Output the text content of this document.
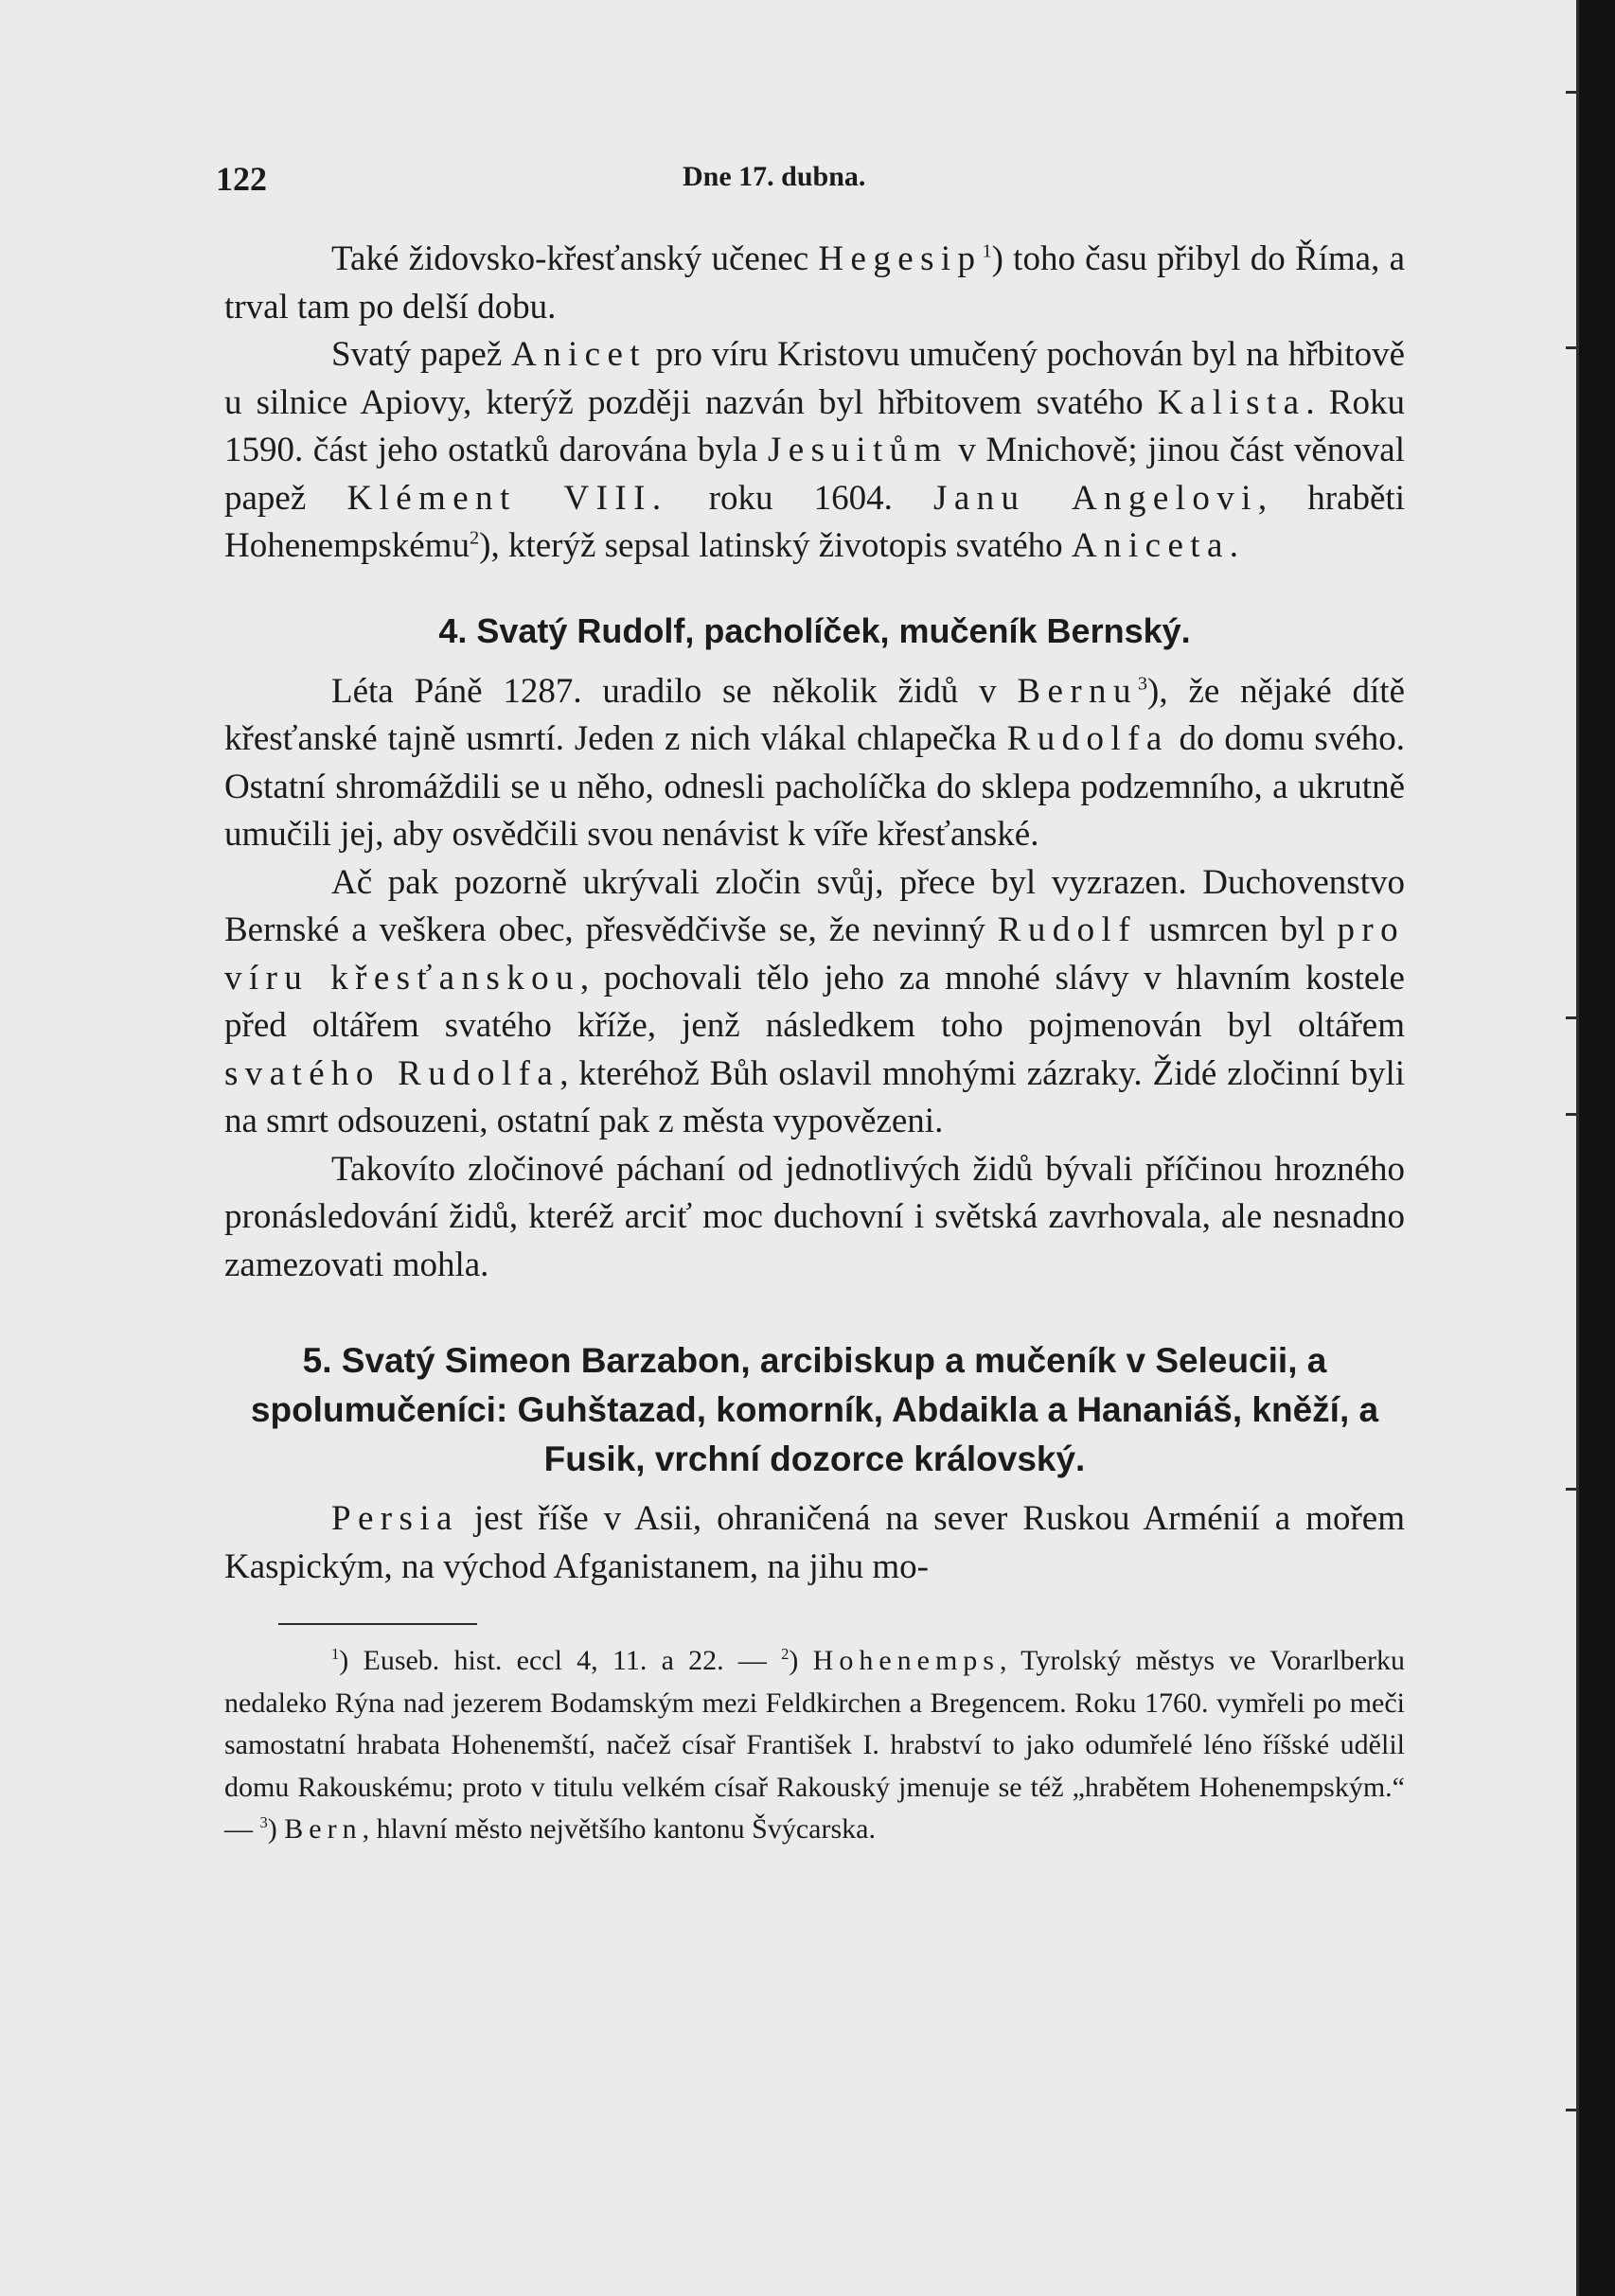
122	Dne 17. dubna.

Také židovsko-křesťanský učenec Hegesip$^1$) toho času přibyl do Říma, a trval tam po delší dobu.

Svatý papež Anicet pro víru Kristovu umučený pochován byl na hřbitově u silnice Apiovy, kterýž později nazván byl hřbitovem svatého Kalista. Roku 1590. část jeho ostatků darována byla Jesuitům v Mnichově; jinou část věnoval papež Klément VIII. roku 1604. Janu Angelovi, hraběti Hohenempskému$^2$), kterýž sepsal latinský životopis svatého Aniceta.

4. Svatý Rudolf, pacholíček, mučeník Bernský.

Léta Páně 1287. uradilo se několik židů v Bernu$^3$), že nějaké dítě křesťanské tajně usmrtí. Jeden z nich vlákal chlapečka Rudolfa do domu svého. Ostatní shromáždili se u něho, odnesli pacholíčka do sklepa podzemního, a ukrutně umučili jej, aby osvědčili svou nenávist k víře křesťanské.

Ač pak pozorně ukrývali zločin svůj, přece byl vyzrazen. Duchovenstvo Bernské a veškera obec, přesvědčivše se, že nevinný Rudolf usmrcen byl pro víru křesťanskou, pochovali tělo jeho za mnohé slávy v hlavním kostele před oltářem svatého kříže, jenž následkem toho pojmenován byl oltářem svatého Rudolfa, kteréhož Bůh oslavil mnohými zázraky. Židé zločinní byli na smrt odsouzeni, ostatní pak z města vypovězeni.

Takovíto zločinové páchaní od jednotlivých židů bývali příčinou hrozného pronásledování židů, kteréž arciť moc duchovní i světská zavrhovala, ale nesnadno zamezovati mohla.

5. Svatý Simeon Barzabon, arcibiskup a mučeník v Seleucii, a spolumučeníci: Guhštazad, komorník, Abdaikla a Hananiáš, kněží, a Fusik, vrchní dozorce královský.

Persia jest říše v Asii, ohraničená na sever Ruskou Arménií a mořem Kaspickým, na východ Afganistanem, na jihu mo-

$^1$) Euseb. hist. eccl 4, 11. a 22. — $^2$) Hohenemps, Tyrolský městys ve Vorarlberku nedaleko Rýna nad jezerem Bodamským mezi Feldkirchen a Bregencem. Roku 1760. vymřeli po meči samostatní hrabata Hohenemští, načež císař František I. hrabství to jako odumřelé léno říšské udělil domu Rakouskému; proto v titulu velkém císař Rakouský jmenuje se též „hrabětem Hohenempským.“ — $^3$) Bern, hlavní město největšího kantonu Švýcarska.
